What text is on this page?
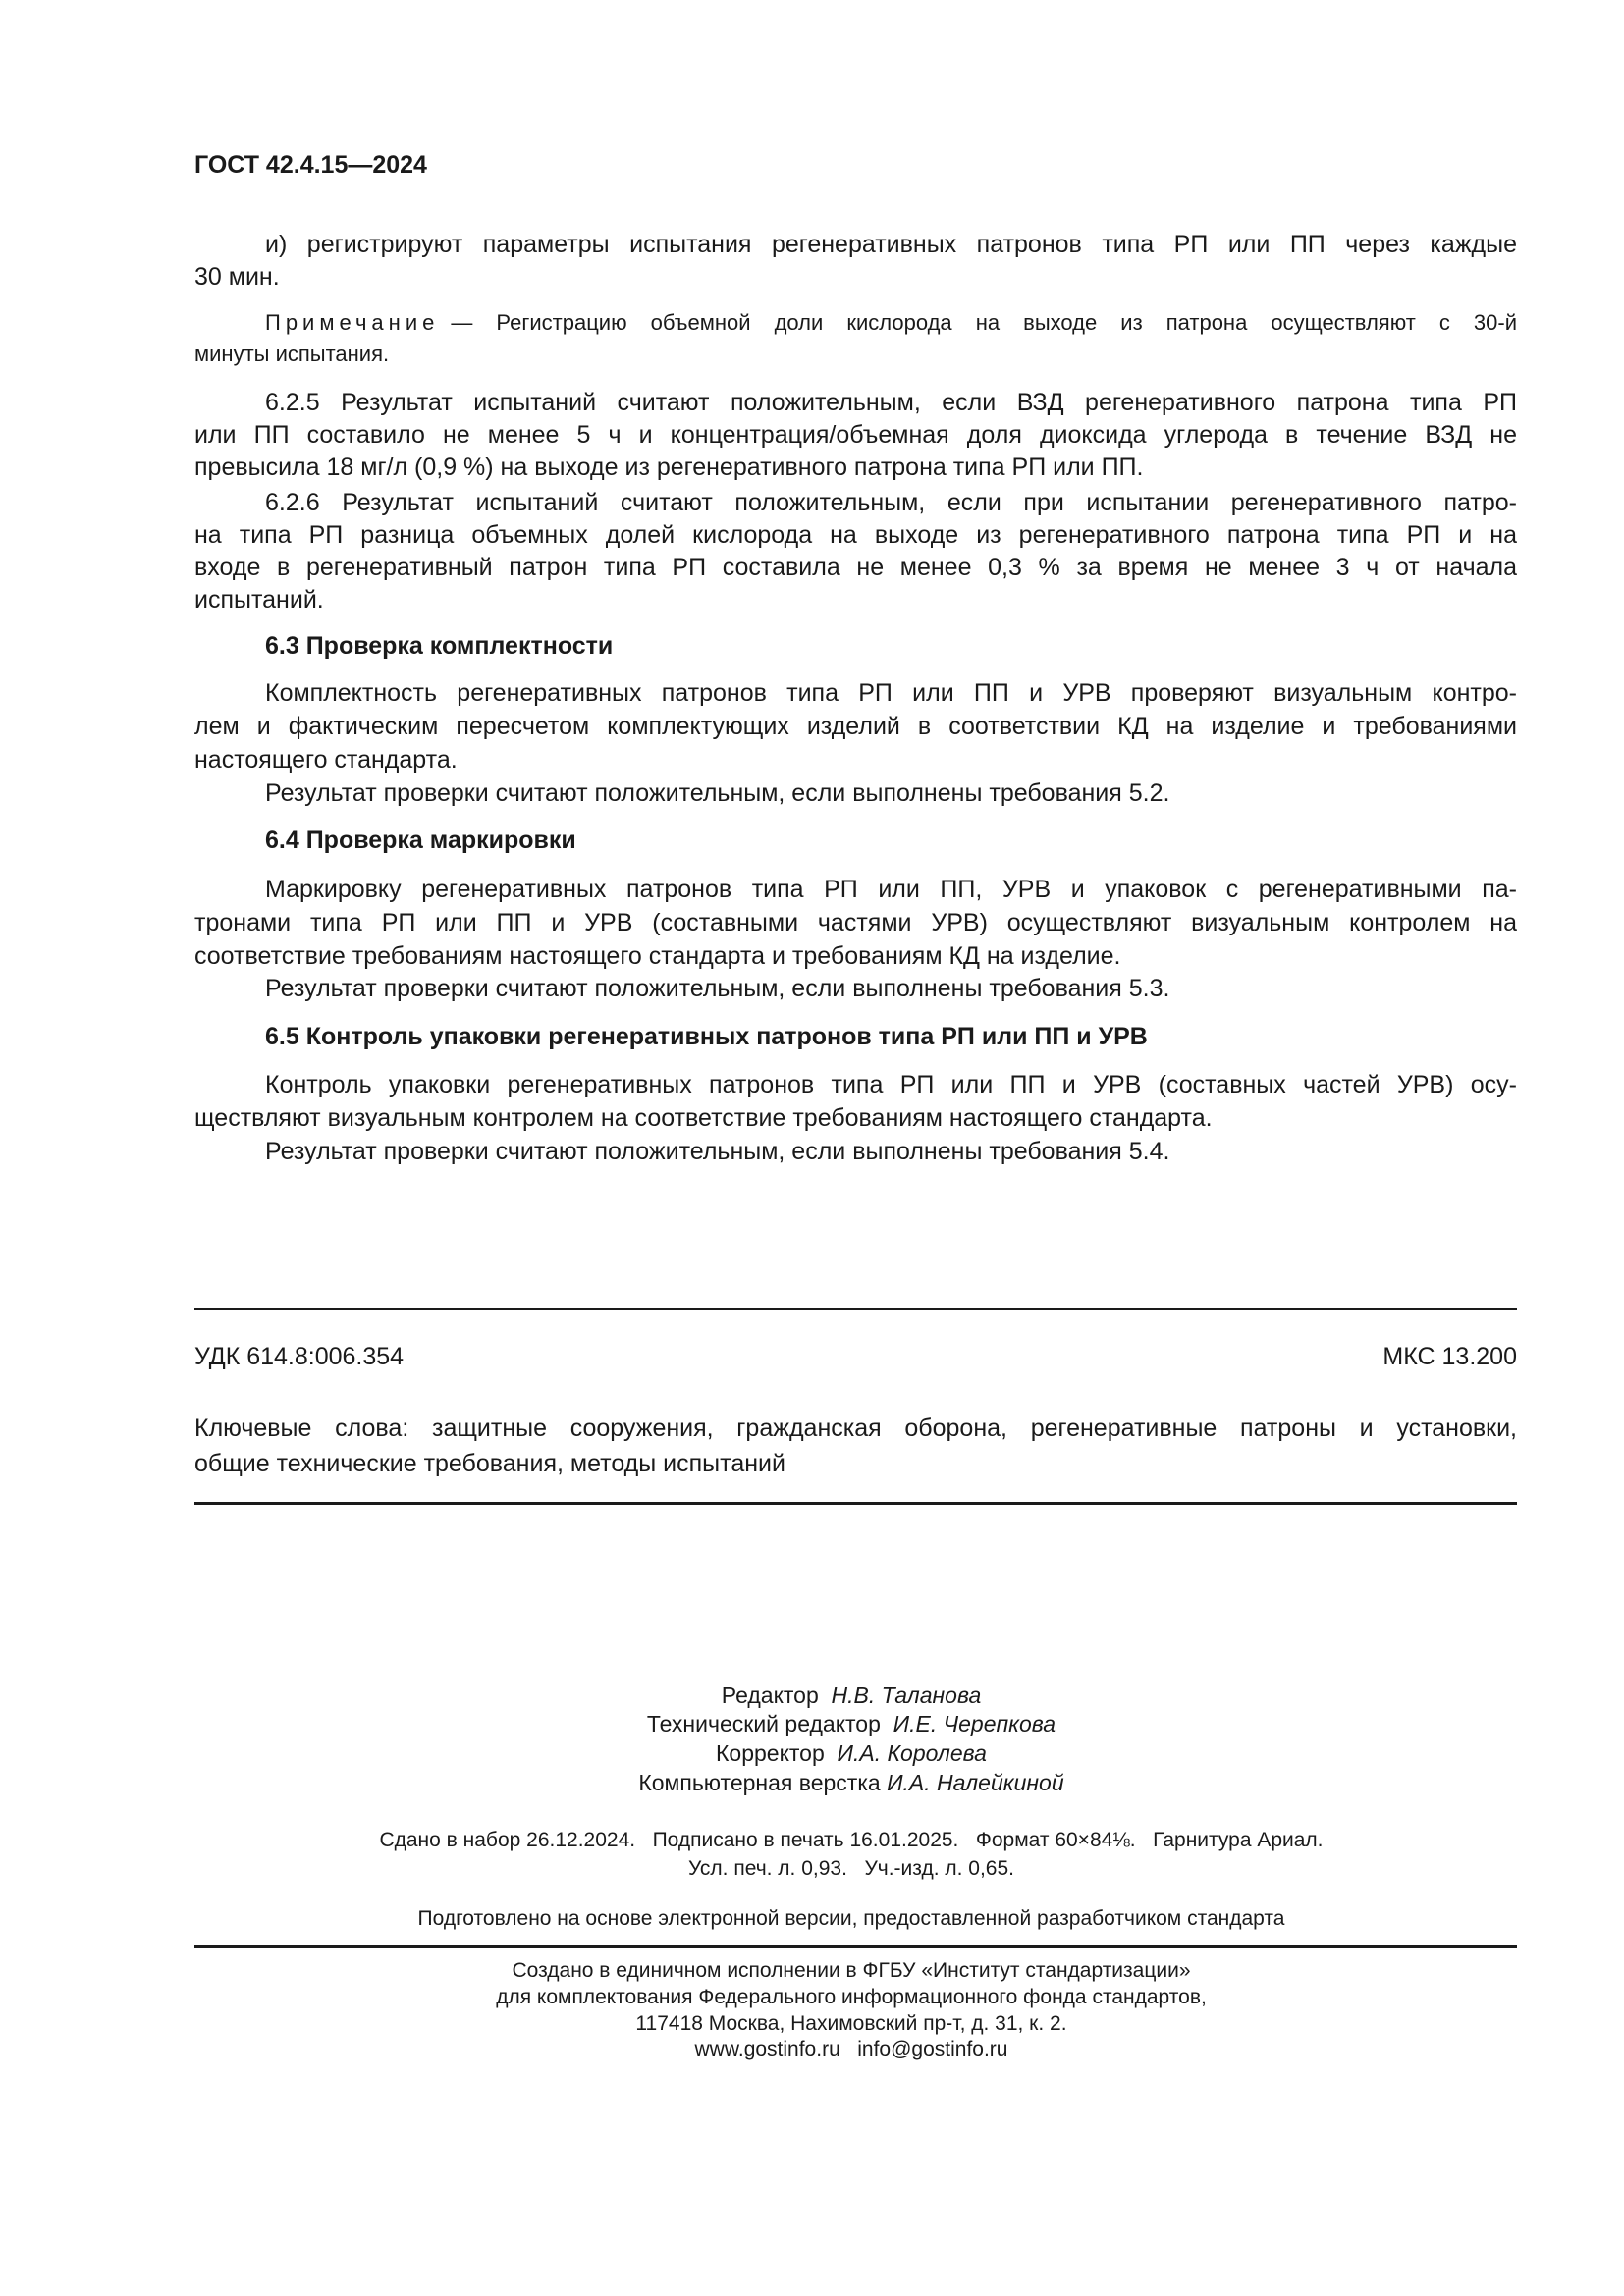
ГОСТ 42.4.15—2024
и) регистрируют параметры испытания регенеративных патронов типа РП или ПП через каждые
30 мин.
Примечание — Регистрацию объемной доли кислорода на выходе из патрона осуществляют с 30-й
минуты испытания.
6.2.5 Результат испытаний считают положительным, если ВЗД регенеративного патрона типа РП
или ПП составило не менее 5 ч и концентрация/объемная доля диоксида углерода в течение ВЗД не
превысила 18 мг/л (0,9 %) на выходе из регенеративного патрона типа РП или ПП.
6.2.6 Результат испытаний считают положительным, если при испытании регенеративного патро-
на типа РП разница объемных долей кислорода на выходе из регенеративного патрона типа РП и на
входе в регенеративный патрон типа РП составила не менее 0,3 % за время не менее 3 ч от начала
испытаний.
6.3 Проверка комплектности
Комплектность регенеративных патронов типа РП или ПП и УРВ проверяют визуальным контро-
лем и фактическим пересчетом комплектующих изделий в соответствии КД на изделие и требованиями
настоящего стандарта.
Результат проверки считают положительным, если выполнены требования 5.2.
6.4 Проверка маркировки
Маркировку регенеративных патронов типа РП или ПП, УРВ и упаковок с регенеративными па-
тронами типа РП или ПП и УРВ (составными частями УРВ) осуществляют визуальным контролем на
соответствие требованиям настоящего стандарта и требованиям КД на изделие.
Результат проверки считают положительным, если выполнены требования 5.3.
6.5 Контроль упаковки регенеративных патронов типа РП или ПП и УРВ
Контроль упаковки регенеративных патронов типа РП или ПП и УРВ (составных частей УРВ) осу-
ществляют визуальным контролем на соответствие требованиям настоящего стандарта.
Результат проверки считают положительным, если выполнены требования 5.4.
УДК 614.8:006.354	МКС 13.200
Ключевые слова: защитные сооружения, гражданская оборона, регенеративные патроны и установки,
общие технические требования, методы испытаний
Редактор Н.В. Таланова
Технический редактор И.Е. Черепкова
Корректор И.А. Королева
Компьютерная верстка И.А. Налейкиной
Сдано в набор 26.12.2024.   Подписано в печать 16.01.2025.   Формат 60×84⅛.   Гарнитура Ариал.
Усл. печ. л. 0,93.   Уч.-изд. л. 0,65.
Подготовлено на основе электронной версии, предоставленной разработчиком стандарта
Создано в единичном исполнении в ФГБУ «Институт стандартизации»
для комплектования Федерального информационного фонда стандартов,
117418 Москва, Нахимовский пр-т, д. 31, к. 2.
www.gostinfo.ru   info@gostinfo.ru
